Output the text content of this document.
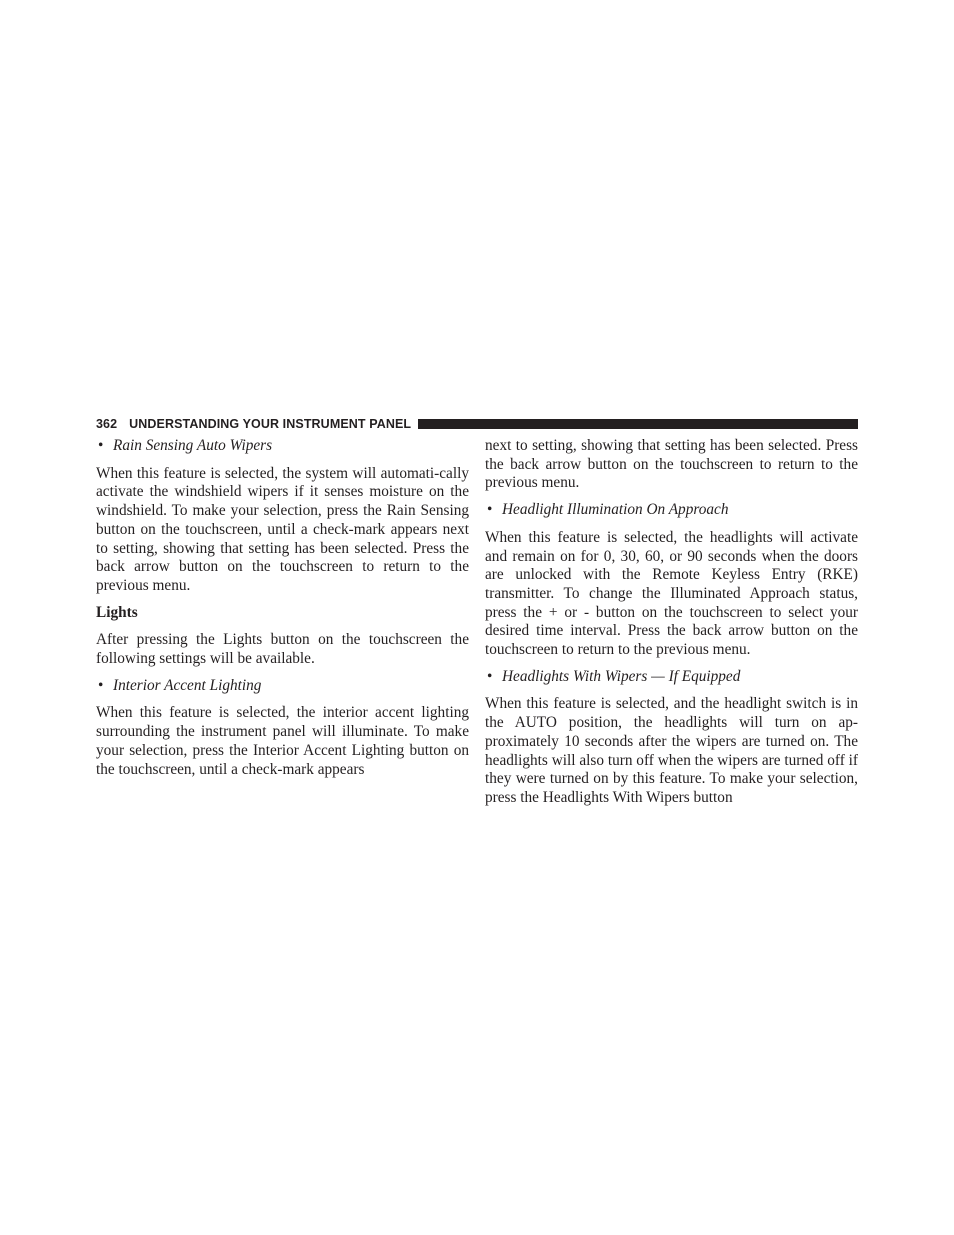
362 UNDERSTANDING YOUR INSTRUMENT PANEL
• Rain Sensing Auto Wipers

When this feature is selected, the system will automati-cally activate the windshield wipers if it senses moisture on the windshield. To make your selection, press the Rain Sensing button on the touchscreen, until a check-mark appears next to setting, showing that setting has been selected. Press the back arrow button on the touchscreen to return to the previous menu.

Lights

After pressing the Lights button on the touchscreen the following settings will be available.

• Interior Accent Lighting

When this feature is selected, the interior accent lighting surrounding the instrument panel will illuminate. To make your selection, press the Interior Accent Lighting button on the touchscreen, until a check-mark appears

next to setting, showing that setting has been selected. Press the back arrow button on the touchscreen to return to the previous menu.

• Headlight Illumination On Approach

When this feature is selected, the headlights will activate and remain on for 0, 30, 60, or 90 seconds when the doors are unlocked with the Remote Keyless Entry (RKE) transmitter. To change the Illuminated Approach status, press the + or - button on the touchscreen to select your desired time interval. Press the back arrow button on the touchscreen to return to the previous menu.

• Headlights With Wipers — If Equipped

When this feature is selected, and the headlight switch is in the AUTO position, the headlights will turn on ap-proximately 10 seconds after the wipers are turned on. The headlights will also turn off when the wipers are turned off if they were turned on by this feature. To make your selection, press the Headlights With Wipers button
